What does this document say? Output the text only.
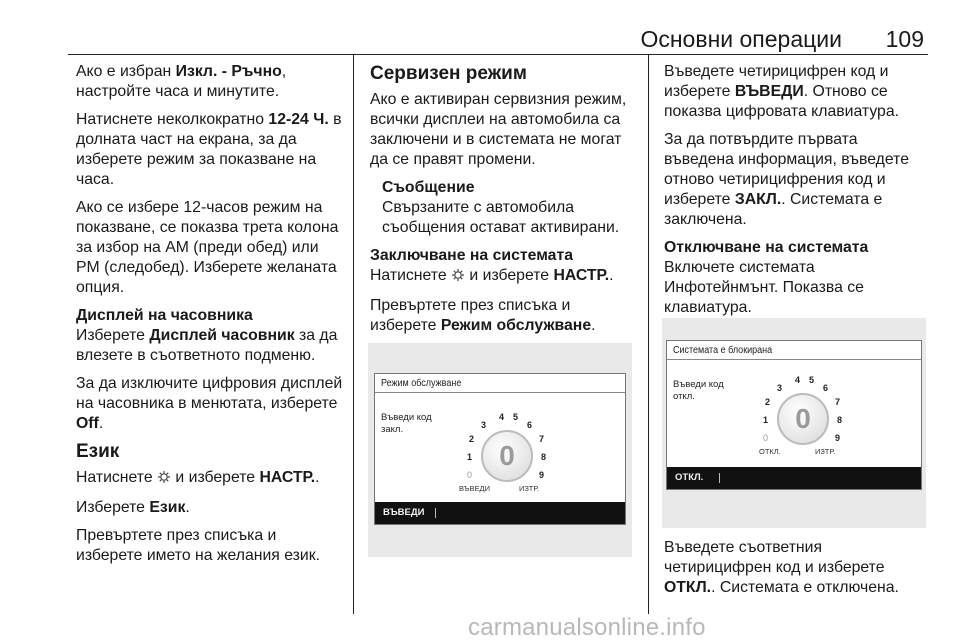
Основни операции 109

Ако е избран Изкл. - Ръчно, настройте часа и минутите.

Натиснете неколкократно 12-24 Ч. в долната част на екрана, за да изберете режим за показване на часа.

Ако се избере 12-часов режим на показване, се показва трета колона за избор на AM (преди обед) или PM (следобед). Изберете желаната опция.

Дисплей на часовника

Изберете Дисплей часовник за да влезете в съответното подменю.

За да изключите цифровия дисплей на часовника в менютата, изберете Off.

Език

Натиснете  и изберете НАСТР..

Изберете Език.

Превъртете през списъка и изберете името на желания език.

Сервизен режим

Ако е активиран сервизния режим, всички дисплеи на автомобила са заключени и в системата не могат да се правят промени.

Съобщение
Свързаните с автомобила съобщения остават активирани.
Заключване на системата

Натиснете  и изберете НАСТР..

Превъртете през списъка и изберете Режим обслужване.

Режим обслужване
Въведи код закл.
0
1
2
3
4 5
6
7
8
9
0
ВЪВЕДИ	ИЗТР.
ВЪВЕДИ

Въведете четирицифрен код и изберете ВЪВЕДИ. Отново се показва цифровата клавиатура.

За да потвърдите първата въведена информация, въведете отново четирицифрения код и изберете ЗАКЛ.. Системата е заключена.

Отключване на системата

Включете системата Инфотейнмънт. Показва се клавиатура.

Системата е блокирана
Въведи код откл.
0
1
2
3
4 5
6
7
8
9
0
ОТКЛ.	ИЗТР.
ОТКЛ.

Въведете съответния четирицифрен код и изберете ОТКЛ.. Системата е отключена.

carmanualsonline.info
